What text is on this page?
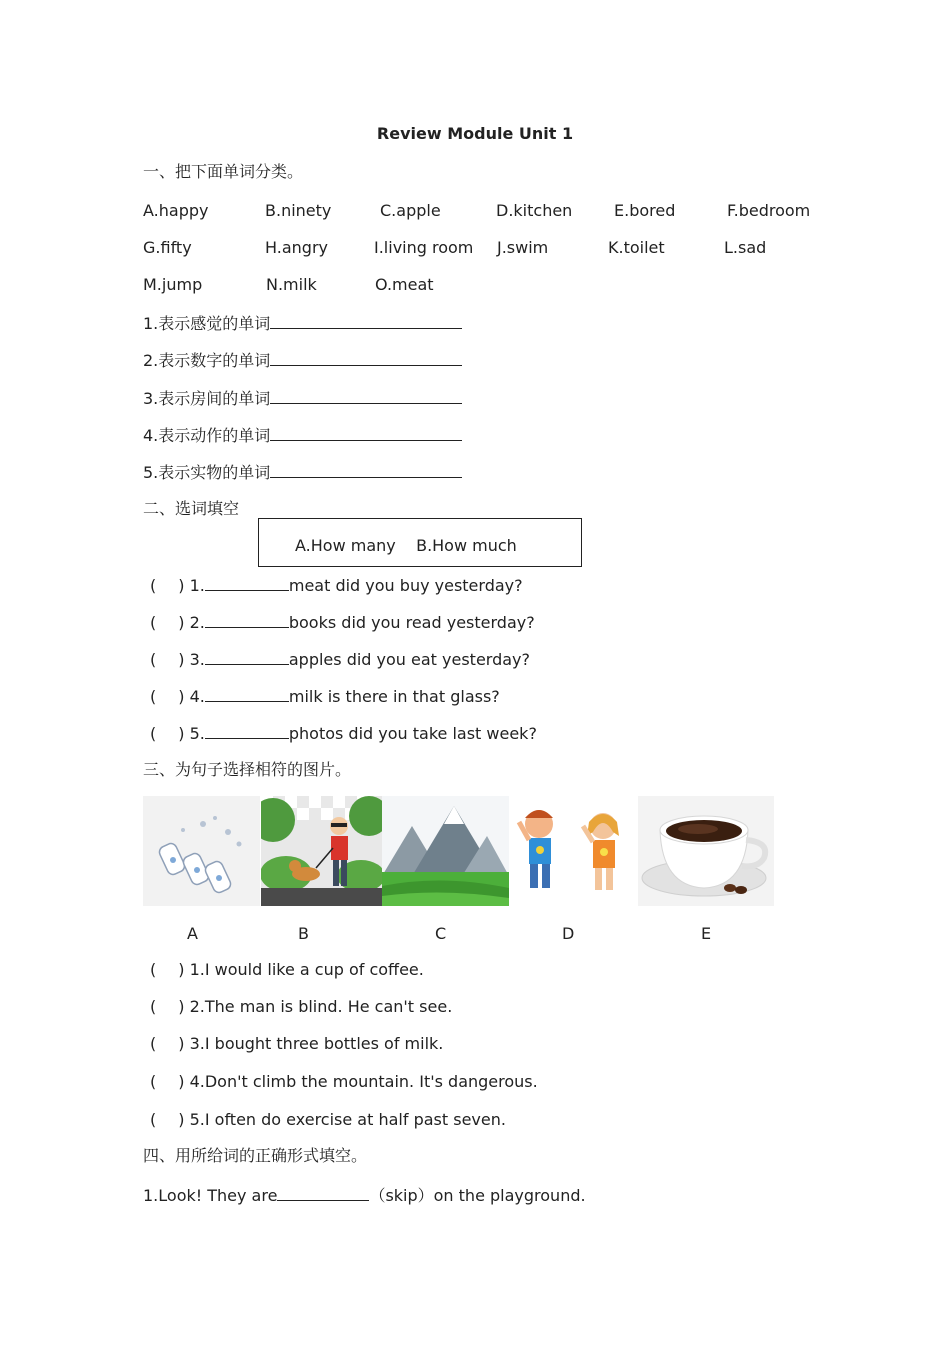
Review Module Unit 1
一、把下面单词分类。
A.happy	B.ninety	C.apple	D.kitchen	E.bored	F.bedroom
G.fifty	H.angry	I.living room J.swim	K.toilet	L.sad
M.jump	N.milk	O.meat
1.表示感觉的单词
2.表示数字的单词
3.表示房间的单词
4.表示动作的单词
5.表示实物的单词
二、选词填空
A.How many    B.How much
( ) 1.	meat did you buy yesterday?
( ) 2.	books did you read yesterday?
( ) 3.	apples did you eat yesterday?
( ) 4.	milk is there in that glass?
( ) 5.	photos did you take last week?
三、为句子选择相符的图片。
A	B	C	D	E
( ) 1.I would like a cup of coffee.
( ) 2.The man is blind. He can't see.
( ) 3.I bought three bottles of milk.
( ) 4.Don't climb the mountain. It's dangerous.
( ) 5.I often do exercise at half past seven.
四、用所给词的正确形式填空。
1.Look! They are	（skip）on the playground.
